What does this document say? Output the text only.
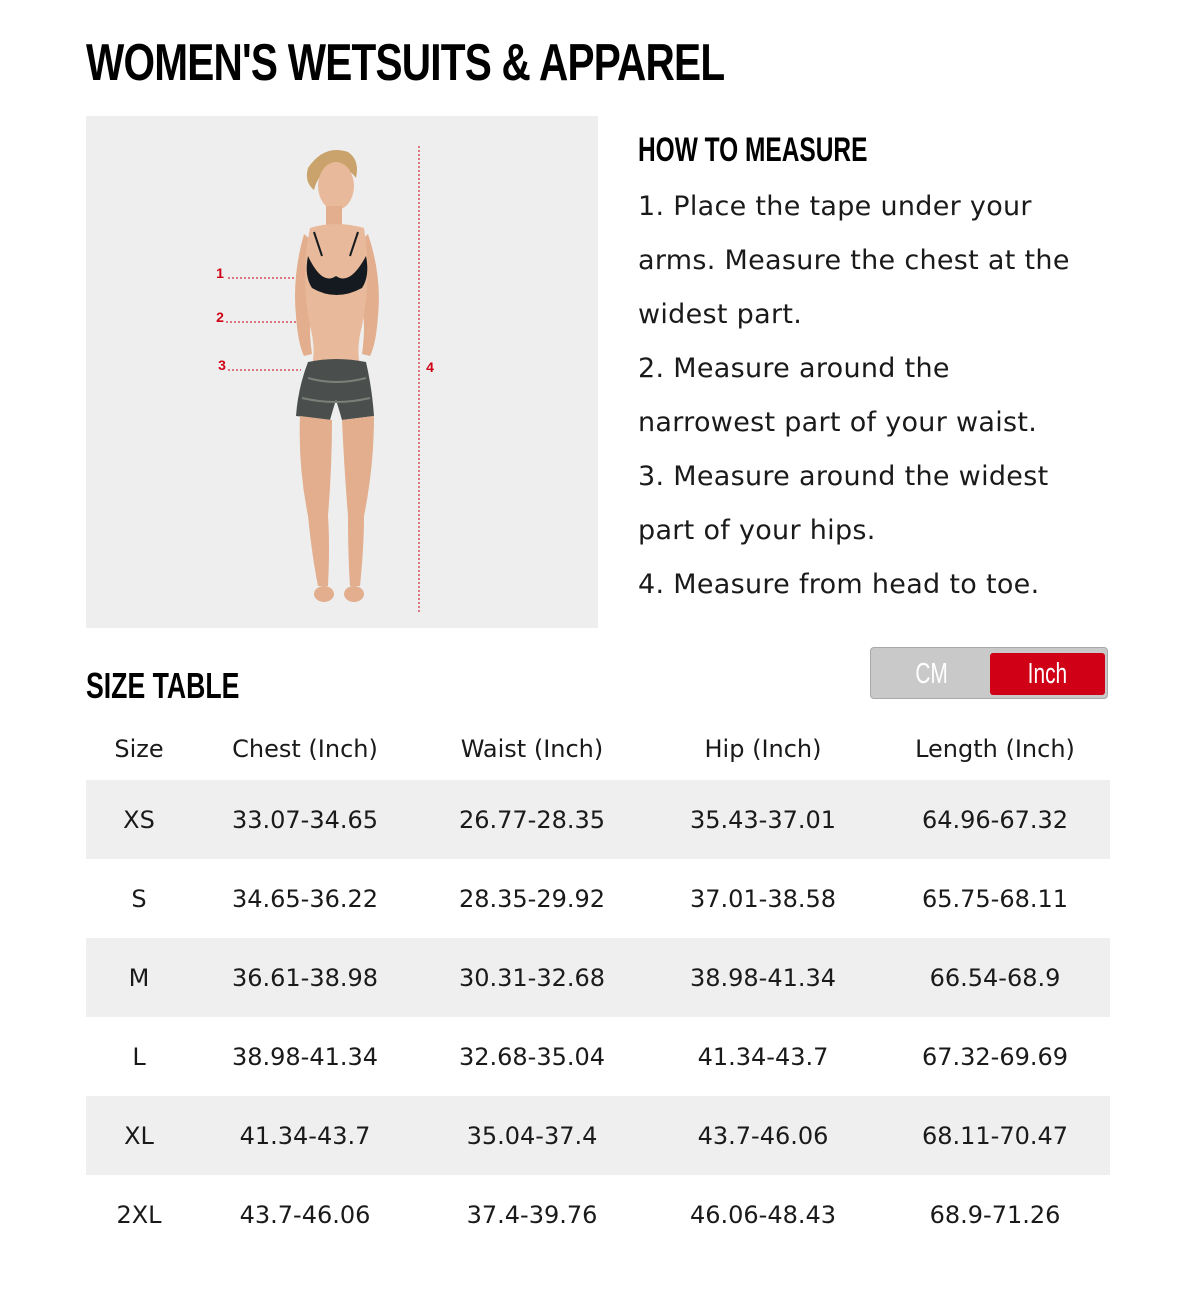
WOMEN'S WETSUITS & APPAREL
1
2
3	4
HOW TO MEASURE
1. Place the tape under your
arms. Measure the chest at the
widest part.
2. Measure around the
narrowest part of your waist.
3. Measure around the widest
part of your hips.
4. Measure from head to toe.
SIZE TABLE	CM	Inch
Size	Chest (Inch)	Waist (Inch)	Hip (Inch)	Length (Inch)
XS	33.07-34.65	26.77-28.35	35.43-37.01	64.96-67.32
S	34.65-36.22	28.35-29.92	37.01-38.58	65.75-68.11
M	36.61-38.98	30.31-32.68	38.98-41.34	66.54-68.9
L	38.98-41.34	32.68-35.04	41.34-43.7	67.32-69.69
XL	41.34-43.7	35.04-37.4	43.7-46.06	68.11-70.47
2XL	43.7-46.06	37.4-39.76	46.06-48.43	68.9-71.26
